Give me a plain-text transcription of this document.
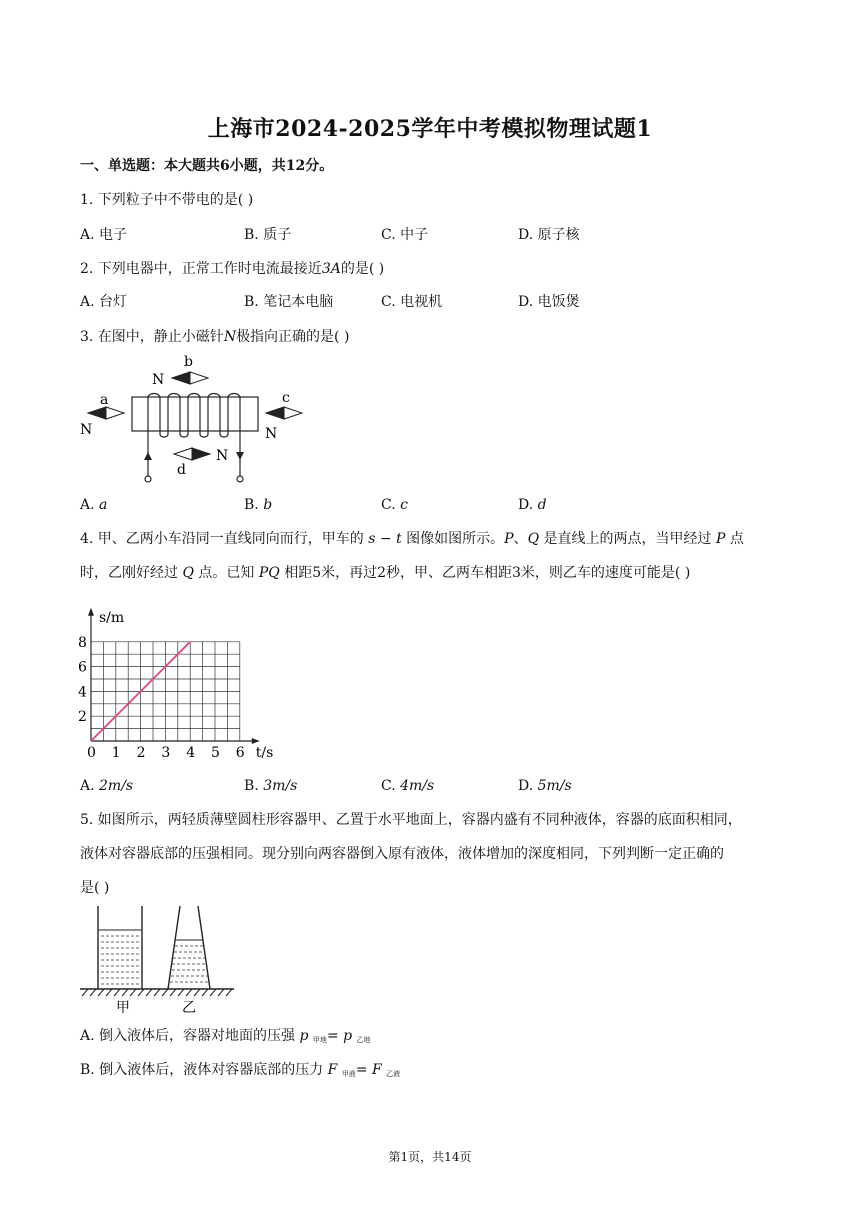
上海市2024-2025学年中考模拟物理试题1
一、单选题：本大题共6小题，共12分。
1. 下列粒子中不带电的是( )
A. 电子	B. 质子	C. 中子	D. 原子核
2. 下列电器中，正常工作时电流最接近3A的是( )
A. 台灯	B. 笔记本电脑	C. 电视机	D. 电饭煲
3. 在图中，静止小磁针N极指向正确的是( )
a
b
c
d
N
N
N
N
A. a	B. b	C. c	D. d
4. 甲、乙两小车沿同一直线同向而行，甲车的 s − t 图像如图所示。P、Q 是直线上的两点，当甲经过 P 点
时，乙刚好经过 Q 点。已知 PQ 相距5米，再过2秒，甲、乙两车相距3米，则乙车的速度可能是( )
0 1 2 3 4 5 6
2
4
6
8
s/m
t/s
A. 2m/s	B. 3m/s	C. 4m/s	D. 5m/s
5. 如图所示，两轻质薄壁圆柱形容器甲、乙置于水平地面上，容器内盛有不同种液体，容器的底面积相同，
液体对容器底部的压强相同。现分别向两容器倒入原有液体，液体增加的深度相同，下列判断一定正确的
是( )
甲	乙
A. 倒入液体后，容器对地面的压强 p $_{甲地}$= p $_{乙地}$
B. 倒入液体后，液体对容器底部的压力 F $_{甲液}$= F $_{乙液}$
第1页，共14页
